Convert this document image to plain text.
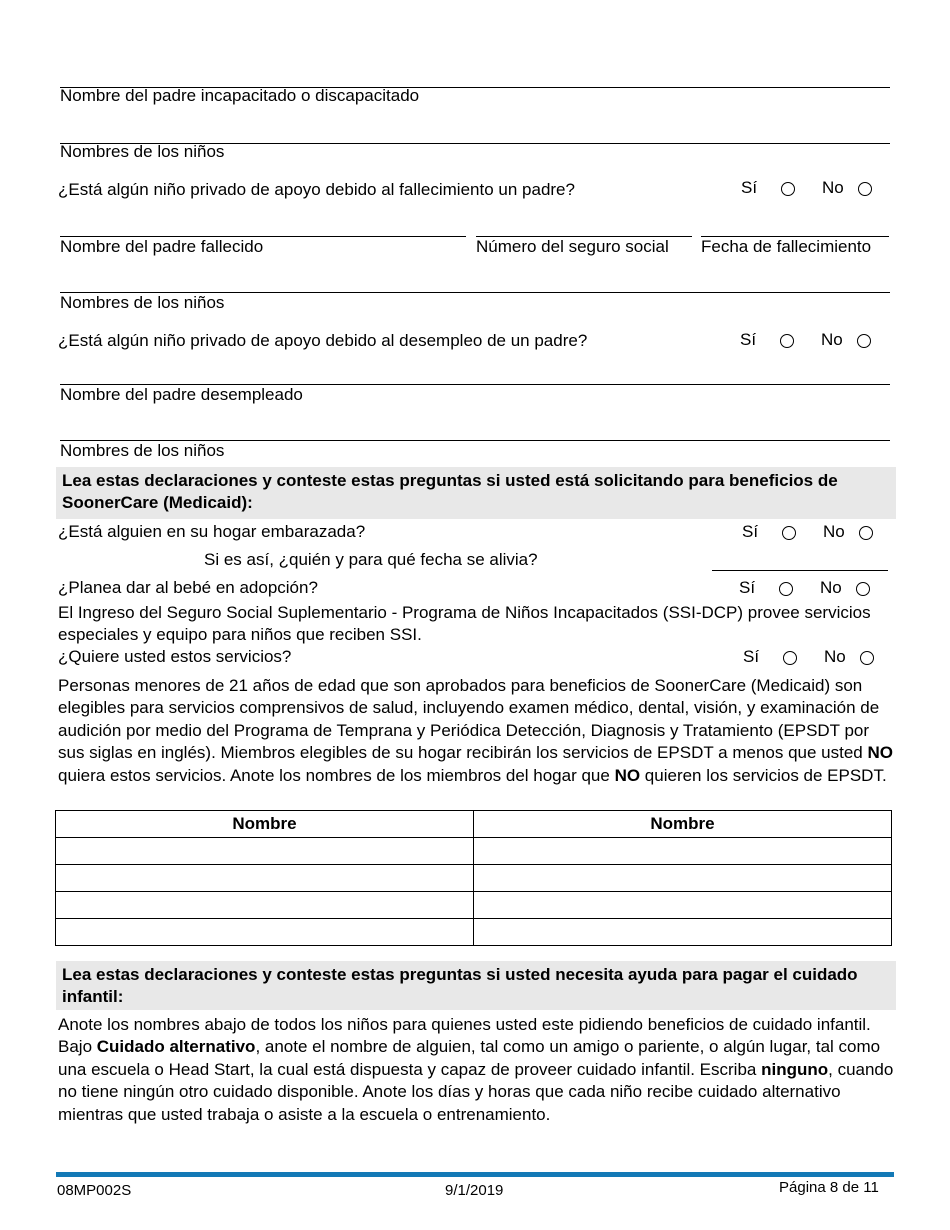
Nombre del padre incapacitado o discapacitado
Nombres de los niños
¿Está algún niño privado de apoyo debido al fallecimiento un padre?	Sí	No
Nombre del padre fallecido	Número del seguro social Fecha de fallecimiento
Nombres de los niños
¿Está algún niño privado de apoyo debido al desempleo de un padre?	Sí	No
Nombre del padre desempleado
Nombres de los niños
Lea estas declaraciones y conteste estas preguntas si usted está solicitando para beneficios de SoonerCare (Medicaid):
¿Está alguien en su hogar embarazada?	Sí	No
Si es así, ¿quién y para qué fecha se alivia?
¿Planea dar al bebé en adopción?	Sí	No
El Ingreso del Seguro Social Suplementario - Programa de Niños Incapacitados (SSI-DCP) provee servicios especiales y equipo para niños que reciben SSI.
¿Quiere usted estos servicios?	Sí	No
Personas menores de 21 años de edad que son aprobados para beneficios de SoonerCare (Medicaid) son elegibles para servicios comprensivos de salud, incluyendo examen médico, dental, visión, y examinación de audición por medio del Programa de Temprana y Periódica Detección, Diagnosis y Tratamiento (EPSDT por sus siglas en inglés). Miembros elegibles de su hogar recibirán los servicios de EPSDT a menos que usted NO quiera estos servicios. Anote los nombres de los miembros del hogar que NO quieren los servicios de EPSDT.
Nombre	Nombre

Lea estas declaraciones y conteste estas preguntas si usted necesita ayuda para pagar el cuidado infantil:
Anote los nombres abajo de todos los niños para quienes usted este pidiendo beneficios de cuidado infantil. Bajo Cuidado alternativo, anote el nombre de alguien, tal como un amigo o pariente, o algún lugar, tal como una escuela o Head Start, la cual está dispuesta y capaz de proveer cuidado infantil. Escriba ninguno, cuando no tiene ningún otro cuidado disponible. Anote los días y horas que cada niño recibe cuidado alternativo mientras que usted trabaja o asiste a la escuela o entrenamiento.
08MP002S	9/1/2019	Página 8 de 11
